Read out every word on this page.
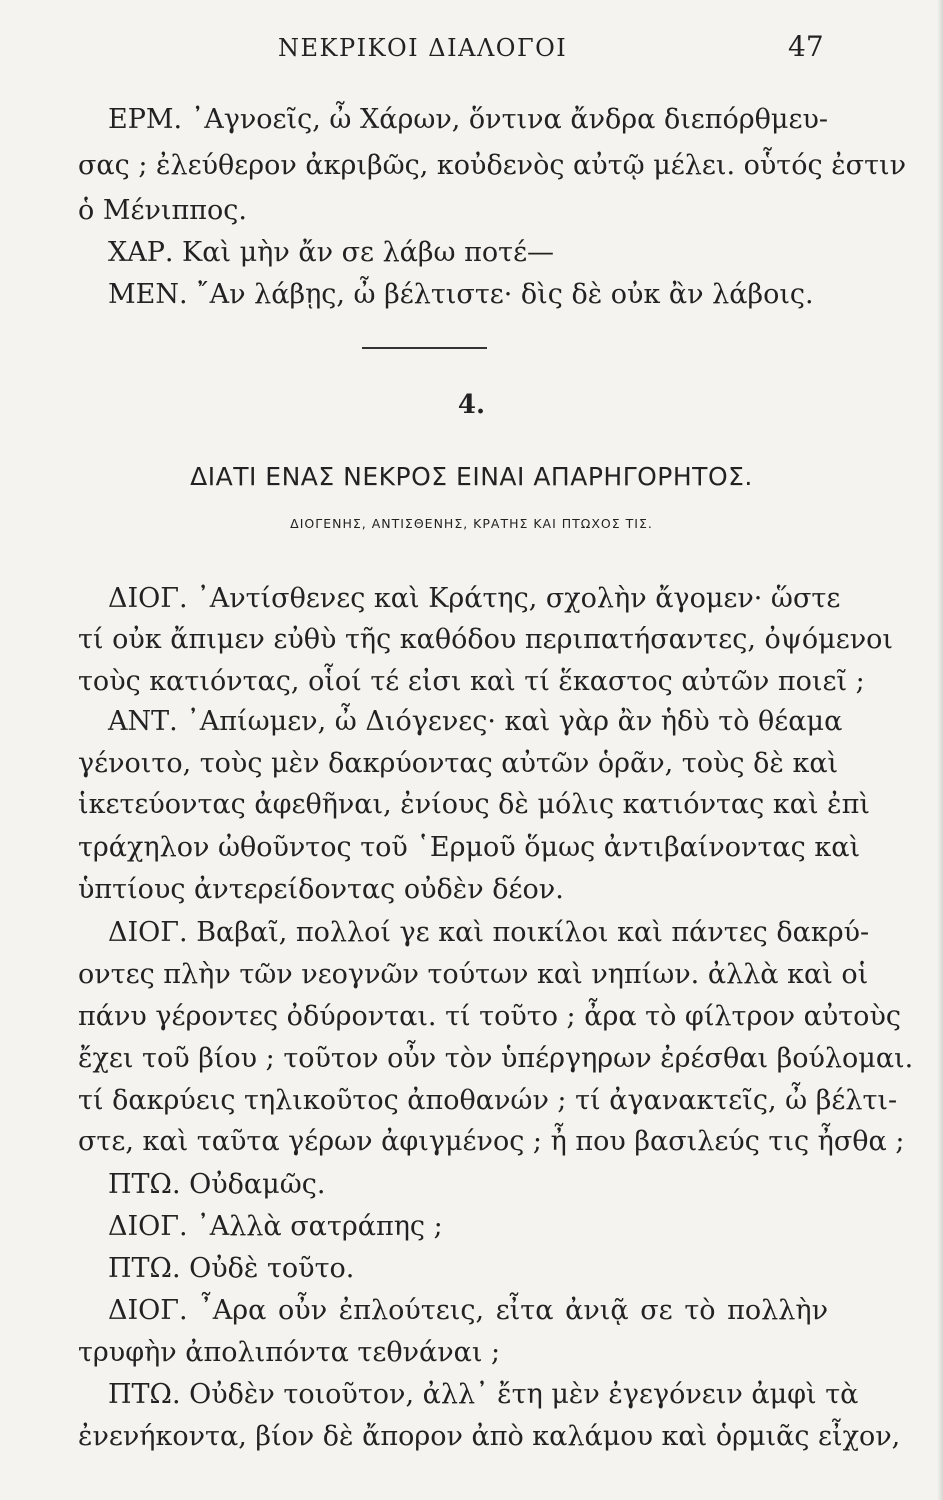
ΝΕΚΡΙΚΟΙ ΔΙΑΛΟΓΟΙ	47
ΕΡΜ. ᾿Αγνοεῖς, ὦ Χάρων, ὅντινα ἄνδρα διεπόρθμευ-
σας ; ἐλεύθερον ἀκριβῶς, κοὐδενὸς αὐτῷ μέλει. οὗτός ἐστιν
ὁ Μένιππος.
ΧΑΡ. Καὶ μὴν ἄν σε λάβω ποτέ—
ΜΕΝ. ῎Αν λάβῃς, ὦ βέλτιστε· δὶς δὲ οὐκ ἂν λάβοις.
4.
ΔΙΑΤΙ ΕΝΑΣ ΝΕΚΡΟΣ ΕΙΝΑΙ ΑΠΑΡΗΓΟΡΗΤΟΣ.
ΔΙΟΓΕΝΗΣ, ΑΝΤΙΣΘΕΝΗΣ, ΚΡΑΤΗΣ ΚΑΙ ΠΤΩΧΟΣ ΤΙΣ.
ΔΙΟΓ. ᾿Αντίσθενες καὶ Κράτης, σχολὴν ἄγομεν· ὥστε
τί οὐκ ἄπιμεν εὐθὺ τῆς καθόδου περιπατήσαντες, ὀψόμενοι
τοὺς κατιόντας, οἷοί τέ εἰσι καὶ τί ἕκαστος αὐτῶν ποιεῖ ;
ΑΝΤ. ᾿Απίωμεν, ὦ Διόγενες· καὶ γὰρ ἂν ἡδὺ τὸ θέαμα
γένοιτο, τοὺς μὲν δακρύοντας αὐτῶν ὁρᾶν, τοὺς δὲ καὶ
ἱκετεύοντας ἀφεθῆναι, ἐνίους δὲ μόλις κατιόντας καὶ ἐπὶ
τράχηλον ὠθοῦντος τοῦ ῾Ερμοῦ ὅμως ἀντιβαίνοντας καὶ
ὑπτίους ἀντερείδοντας οὐδὲν δέον.
ΔΙΟΓ. Βαβαῖ, πολλοί γε καὶ ποικίλοι καὶ πάντες δακρύ-
οντες πλὴν τῶν νεογνῶν τούτων καὶ νηπίων. ἀλλὰ καὶ οἱ
πάνυ γέροντες ὀδύρονται. τί τοῦτο ; ἆρα τὸ φίλτρον αὐτοὺς
ἔχει τοῦ βίου ; τοῦτον οὖν τὸν ὑπέργηρων ἐρέσθαι βούλομαι.
τί δακρύεις τηλικοῦτος ἀποθανών ; τί ἀγανακτεῖς, ὦ βέλτι-
στε, καὶ ταῦτα γέρων ἀφιγμένος ; ἦ που βασιλεύς τις ἦσθα ;
ΠΤΩ. Οὐδαμῶς.
ΔΙΟΓ. ᾿Αλλὰ σατράπης ;
ΠΤΩ. Οὐδὲ τοῦτο.
ΔΙΟΓ. ῏Αρα οὖν ἐπλούτεις, εἶτα ἀνιᾷ σε τὸ πολλὴν
τρυφὴν ἀπολιπόντα τεθνάναι ;
ΠΤΩ. Οὐδὲν τοιοῦτον, ἀλλ᾿ ἔτη μὲν ἐγεγόνειν ἀμφὶ τὰ
ἐνενήκοντα, βίον δὲ ἄπορον ἀπὸ καλάμου καὶ ὁρμιᾶς εἶχον,
